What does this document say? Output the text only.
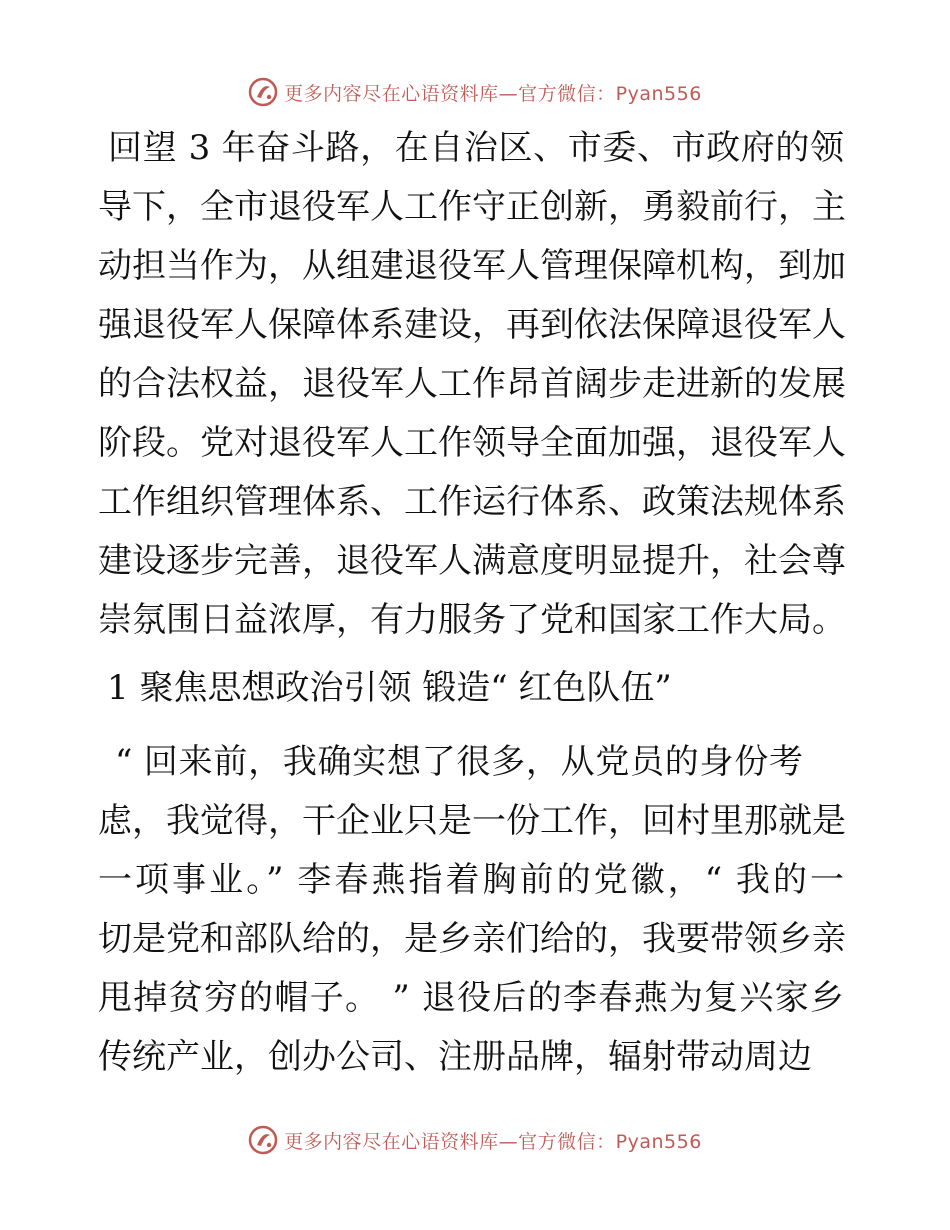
更多内容尽在心语资料库—官方微信：Pyan556
回望 3 年奋斗路，在自治区、市委、市政府的领
导下，全市退役军人工作守正创新，勇毅前行，主
动担当作为，从组建退役军人管理保障机构，到加
强退役军人保障体系建设，再到依法保障退役军人
的合法权益，退役军人工作昂首阔步走进新的发展
阶段。党对退役军人工作领导全面加强，退役军人
工作组织管理体系、工作运行体系、政策法规体系
建设逐步完善，退役军人满意度明显提升，社会尊
崇氛围日益浓厚，有力服务了党和国家工作大局。
1 聚焦思想政治引领 锻造“ 红色队伍”
“ 回来前，我确实想了很多，从党员的身份考
虑，我觉得，干企业只是一份工作，回村里那就是
一项事业。” 李春燕指着胸前的党徽，“ 我的一
切是党和部队给的，是乡亲们给的，我要带领乡亲
甩掉贫穷的帽子。 ” 退役后的李春燕为复兴家乡
传统产业，创办公司、注册品牌，辐射带动周边
更多内容尽在心语资料库—官方微信：Pyan556
